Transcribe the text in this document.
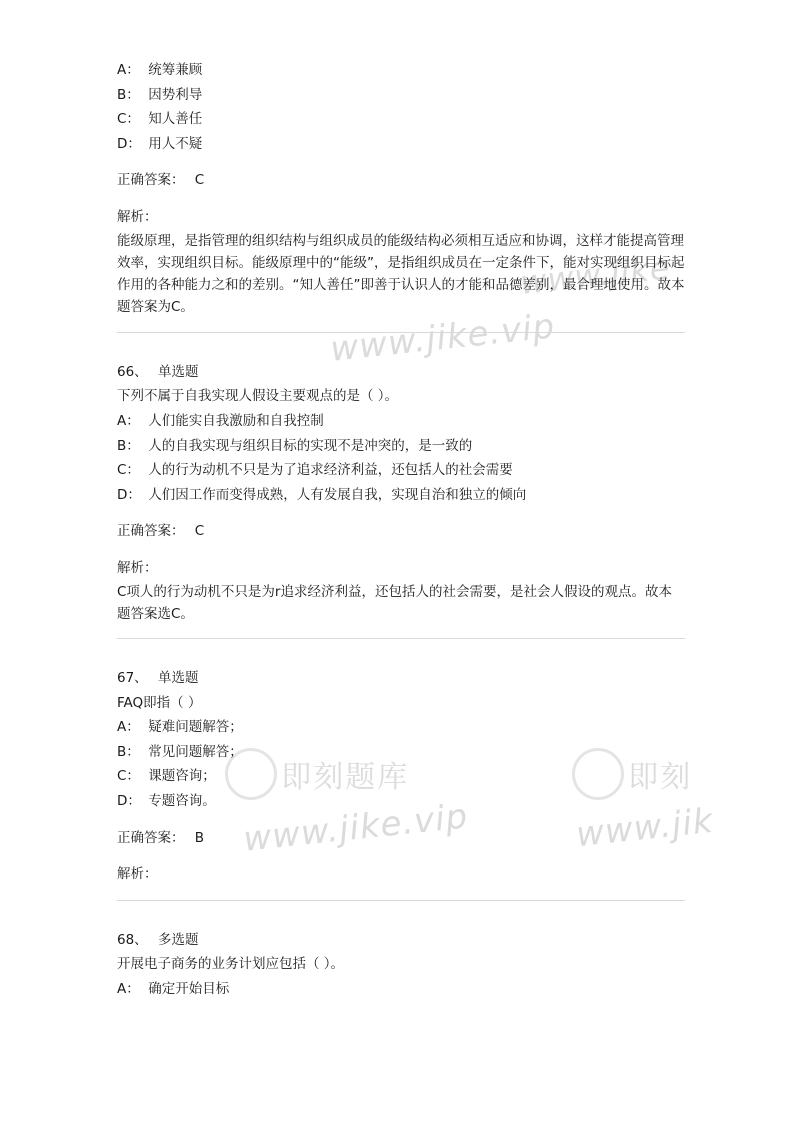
www.jike
www.jike.vip
即刻题库
www.jike.vip
即刻
www.jik
A： 统筹兼顾
B： 因势利导
C： 知人善任
D： 用人不疑
正确答案： C
解析：
能级原理，是指管理的组织结构与组织成员的能级结构必须相互适应和协调，这样才能提高管理效率，实现组织目标。能级原理中的“能级”，是指组织成员在一定条件下，能对实现组织目标起作用的各种能力之和的差别。“知人善任”即善于认识人的才能和品德差别，最合理地使用。故本题答案为C。
66、 单选题
下列不属于自我实现人假设主要观点的是（ ）。
A： 人们能实自我激励和自我控制
B： 人的自我实现与组织目标的实现不是冲突的，是一致的
C： 人的行为动机不只是为了追求经济利益，还包括人的社会需要
D： 人们因工作而变得成熟，人有发展自我，实现自治和独立的倾向
正确答案： C
解析：
C项人的行为动机不只是为r追求经济利益，还包括人的社会需要，是社会人假设的观点。故本题答案选C。
67、 单选题
FAQ即指（ ）
A： 疑难问题解答；
B： 常见问题解答；
C： 课题咨询；
D： 专题咨询。
正确答案： B
解析：
68、 多选题
开展电子商务的业务计划应包括（ ）。
A： 确定开始目标
